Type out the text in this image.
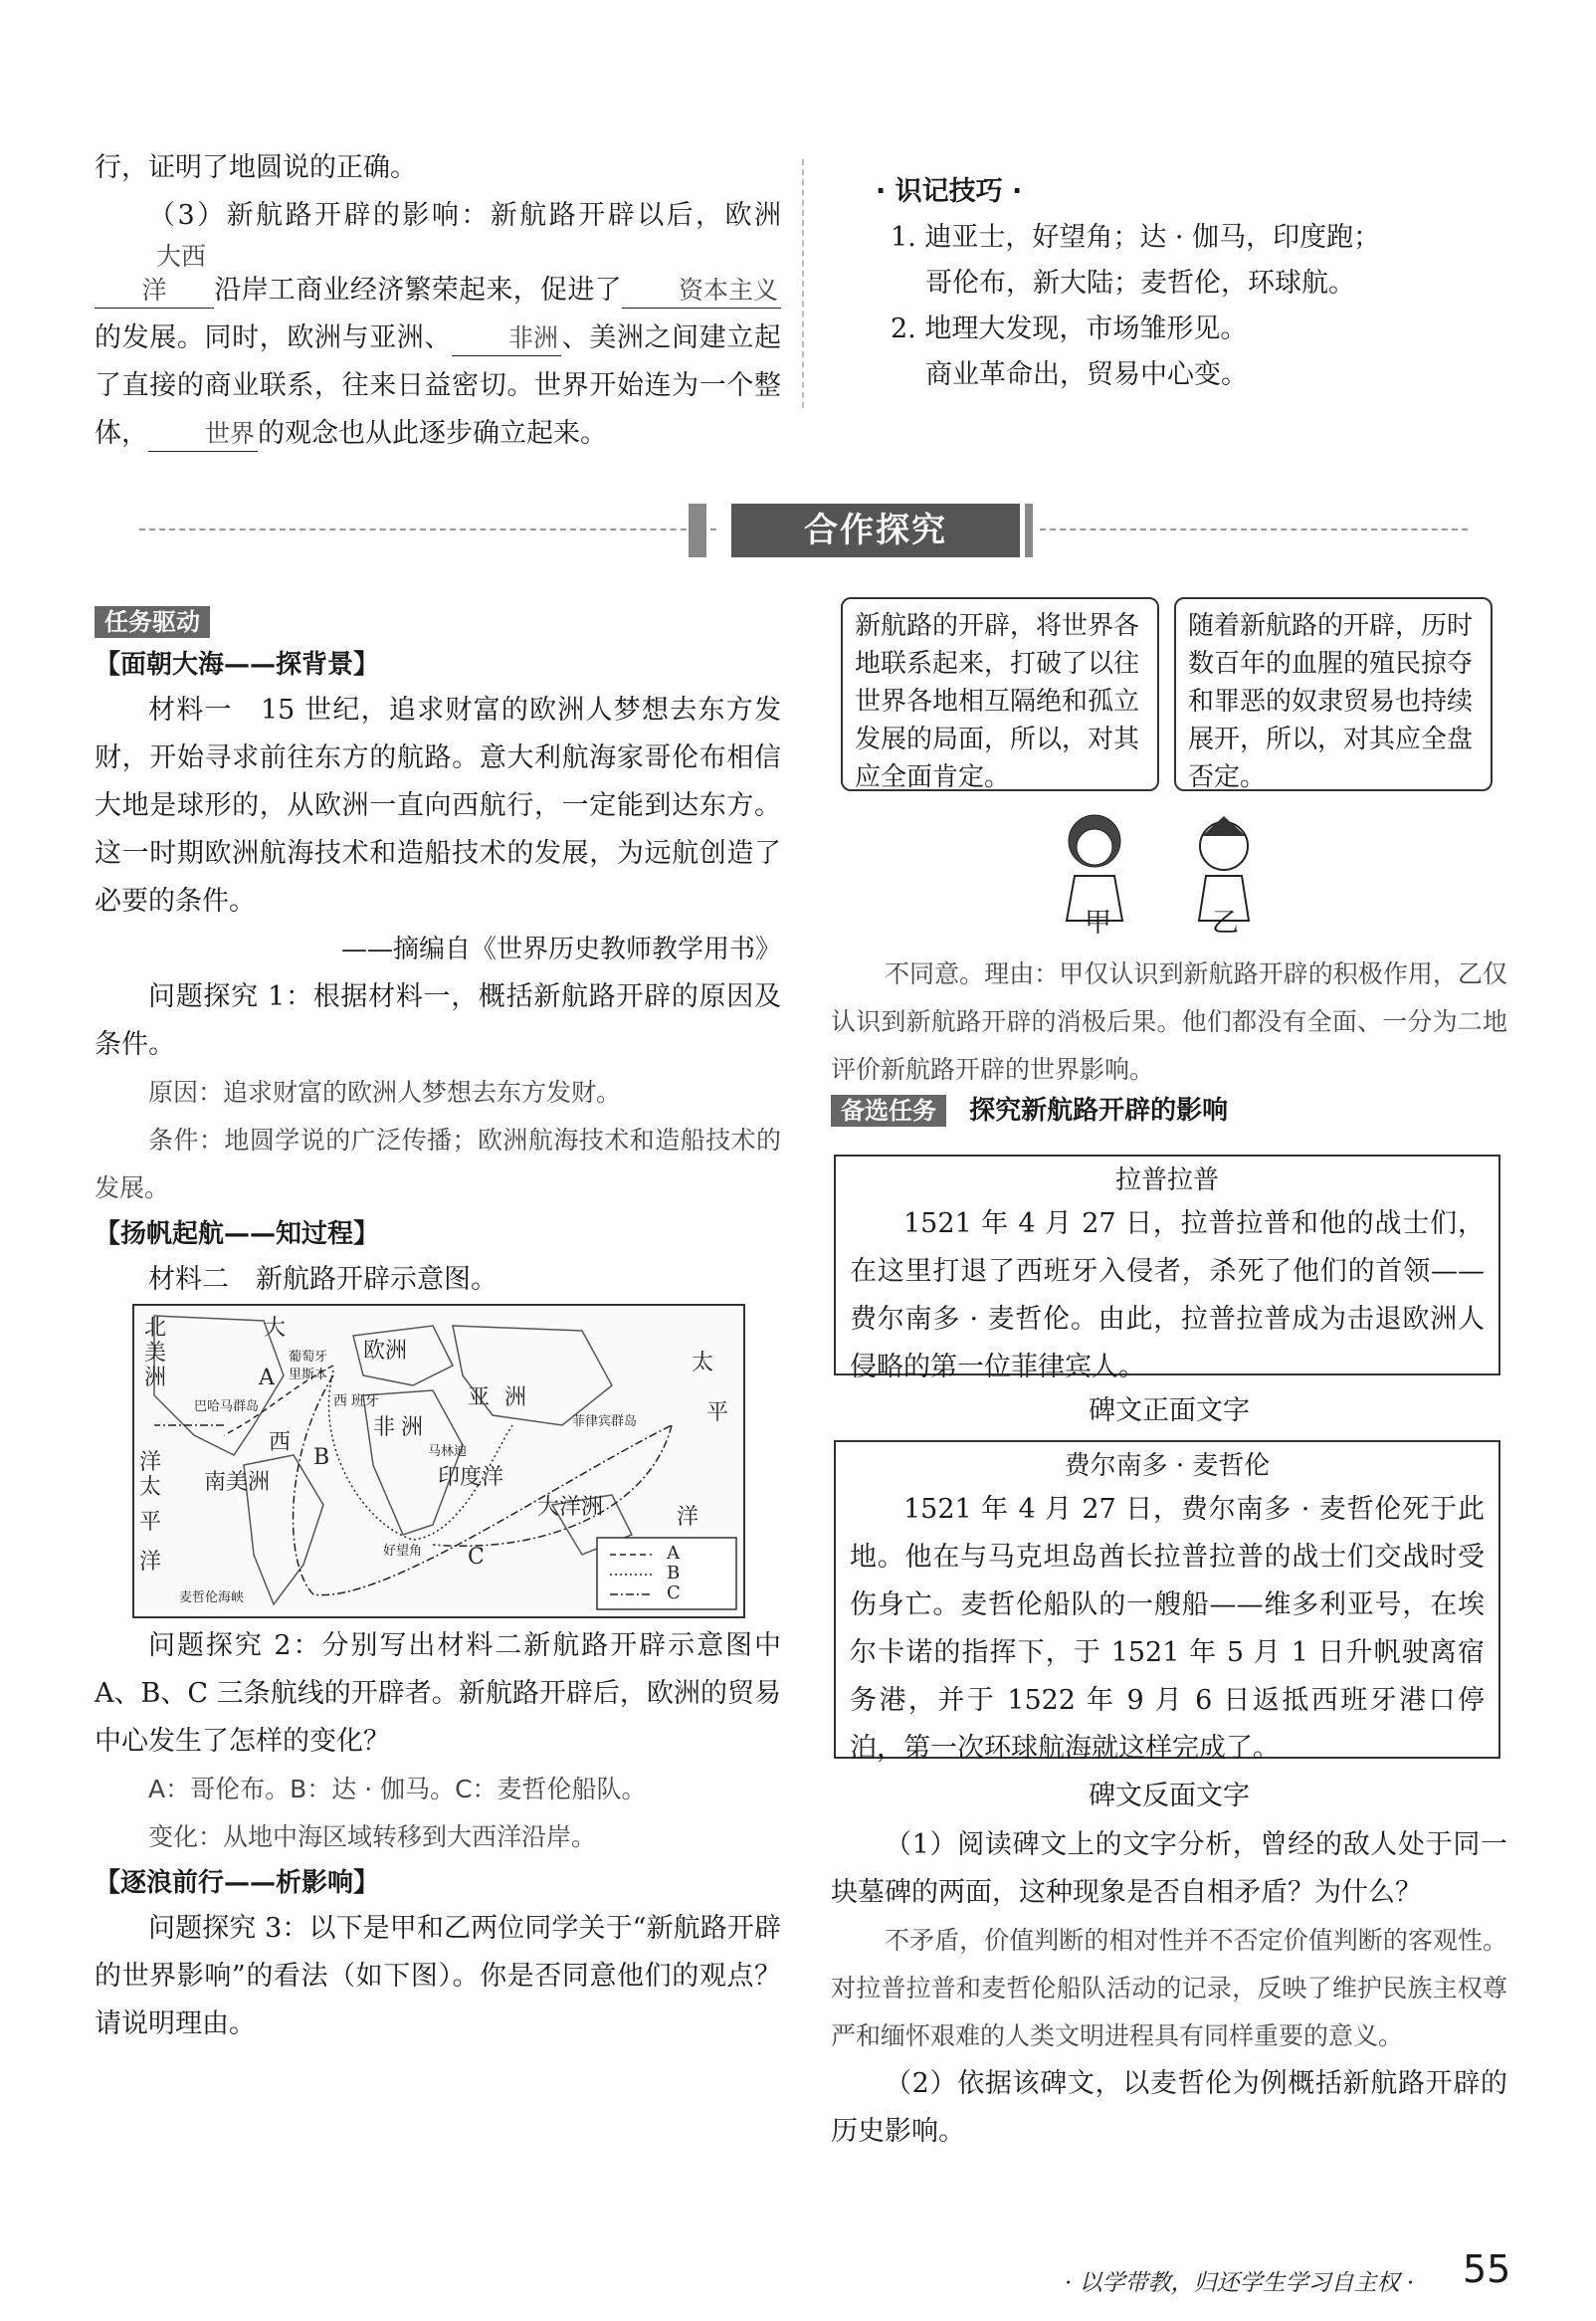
行，证明了地圆说的正确。

（3）新航路开辟的影响：新航路开辟以后，欧洲大西洋 沿岸工商业经济繁荣起来，促进了 资本主义的发展。同时，欧洲与亚洲、 非洲 、美洲之间建立起了直接的商业联系，往来日益密切。世界开始连为一个整体， 世界 的观念也从此逐步确立起来。

· 识记技巧 ·

1. 迪亚士，好望角；达 · 伽马，印度跑；

哥伦布，新大陆；麦哲伦，环球航。

2. 地理大发现，市场雏形见。

商业革命出，贸易中心变。

合作探究
任务驱动

【面朝大海——探背景】

材料一　15 世纪，追求财富的欧洲人梦想去东方发财，开始寻求前往东方的航路。意大利航海家哥伦布相信大地是球形的，从欧洲一直向西航行，一定能到达东方。这一时期欧洲航海技术和造船技术的发展，为远航创造了必要的条件。

——摘编自《世界历史教师教学用书》

问题探究 1：根据材料一，概括新航路开辟的原因及条件。

原因：追求财富的欧洲人梦想去东方发财。

条件：地圆学说的广泛传播；欧洲航海技术和造船技术的发展。

【扬帆起航——知过程】

材料二　新航路开辟示意图。

北
美
洲
大
欧洲
葡萄牙
里斯本
西 班牙	亚 洲
非 洲
太
平
洋
西
南美洲	印度洋
大洋洲
太
洋
平
洋
A
B
C
麦哲伦海峡
马林迪
好望角
菲律宾群岛
巴哈马群岛
A
B
C

问题探究 2：分别写出材料二新航路开辟示意图中 A、B、C 三条航线的开辟者。新航路开辟后，欧洲的贸易中心发生了怎样的变化？

A：哥伦布。B：达 · 伽马。C：麦哲伦船队。

变化：从地中海区域转移到大西洋沿岸。

【逐浪前行——析影响】

问题探究 3：以下是甲和乙两位同学关于“新航路开辟的世界影响”的看法（如下图）。你是否同意他们的观点？请说明理由。

新航路的开辟，将世界各地联系起来，打破了以往世界各地相互隔绝和孤立发展的局面，所以，对其应全面肯定。
随着新航路的开辟，历时数百年的血腥的殖民掠夺和罪恶的奴隶贸易也持续展开，所以，对其应全盘否定。
甲	乙

不同意。理由：甲仅认识到新航路开辟的积极作用，乙仅认识到新航路开辟的消极后果。他们都没有全面、一分为二地评价新航路开辟的世界影响。

备选任务 探究新航路开辟的影响

拉普拉普

1521 年 4 月 27 日，拉普拉普和他的战士们，在这里打退了西班牙入侵者，杀死了他们的首领——费尔南多 · 麦哲伦。由此，拉普拉普成为击退欧洲人侵略的第一位菲律宾人。

碑文正面文字

费尔南多 · 麦哲伦

1521 年 4 月 27 日，费尔南多 · 麦哲伦死于此地。他在与马克坦岛酋长拉普拉普的战士们交战时受伤身亡。麦哲伦船队的一艘船——维多利亚号，在埃尔卡诺的指挥下，于 1521 年 5 月 1 日升帆驶离宿务港，并于 1522 年 9 月 6 日返抵西班牙港口停泊，第一次环球航海就这样完成了。

碑文反面文字

（1）阅读碑文上的文字分析，曾经的敌人处于同一块墓碑的两面，这种现象是否自相矛盾？为什么？

不矛盾，价值判断的相对性并不否定价值判断的客观性。对拉普拉普和麦哲伦船队活动的记录，反映了维护民族主权尊严和缅怀艰难的人类文明进程具有同样重要的意义。

（2）依据该碑文，以麦哲伦为例概括新航路开辟的历史影响。

· 以学带教，归还学生学习自主权 · 55
